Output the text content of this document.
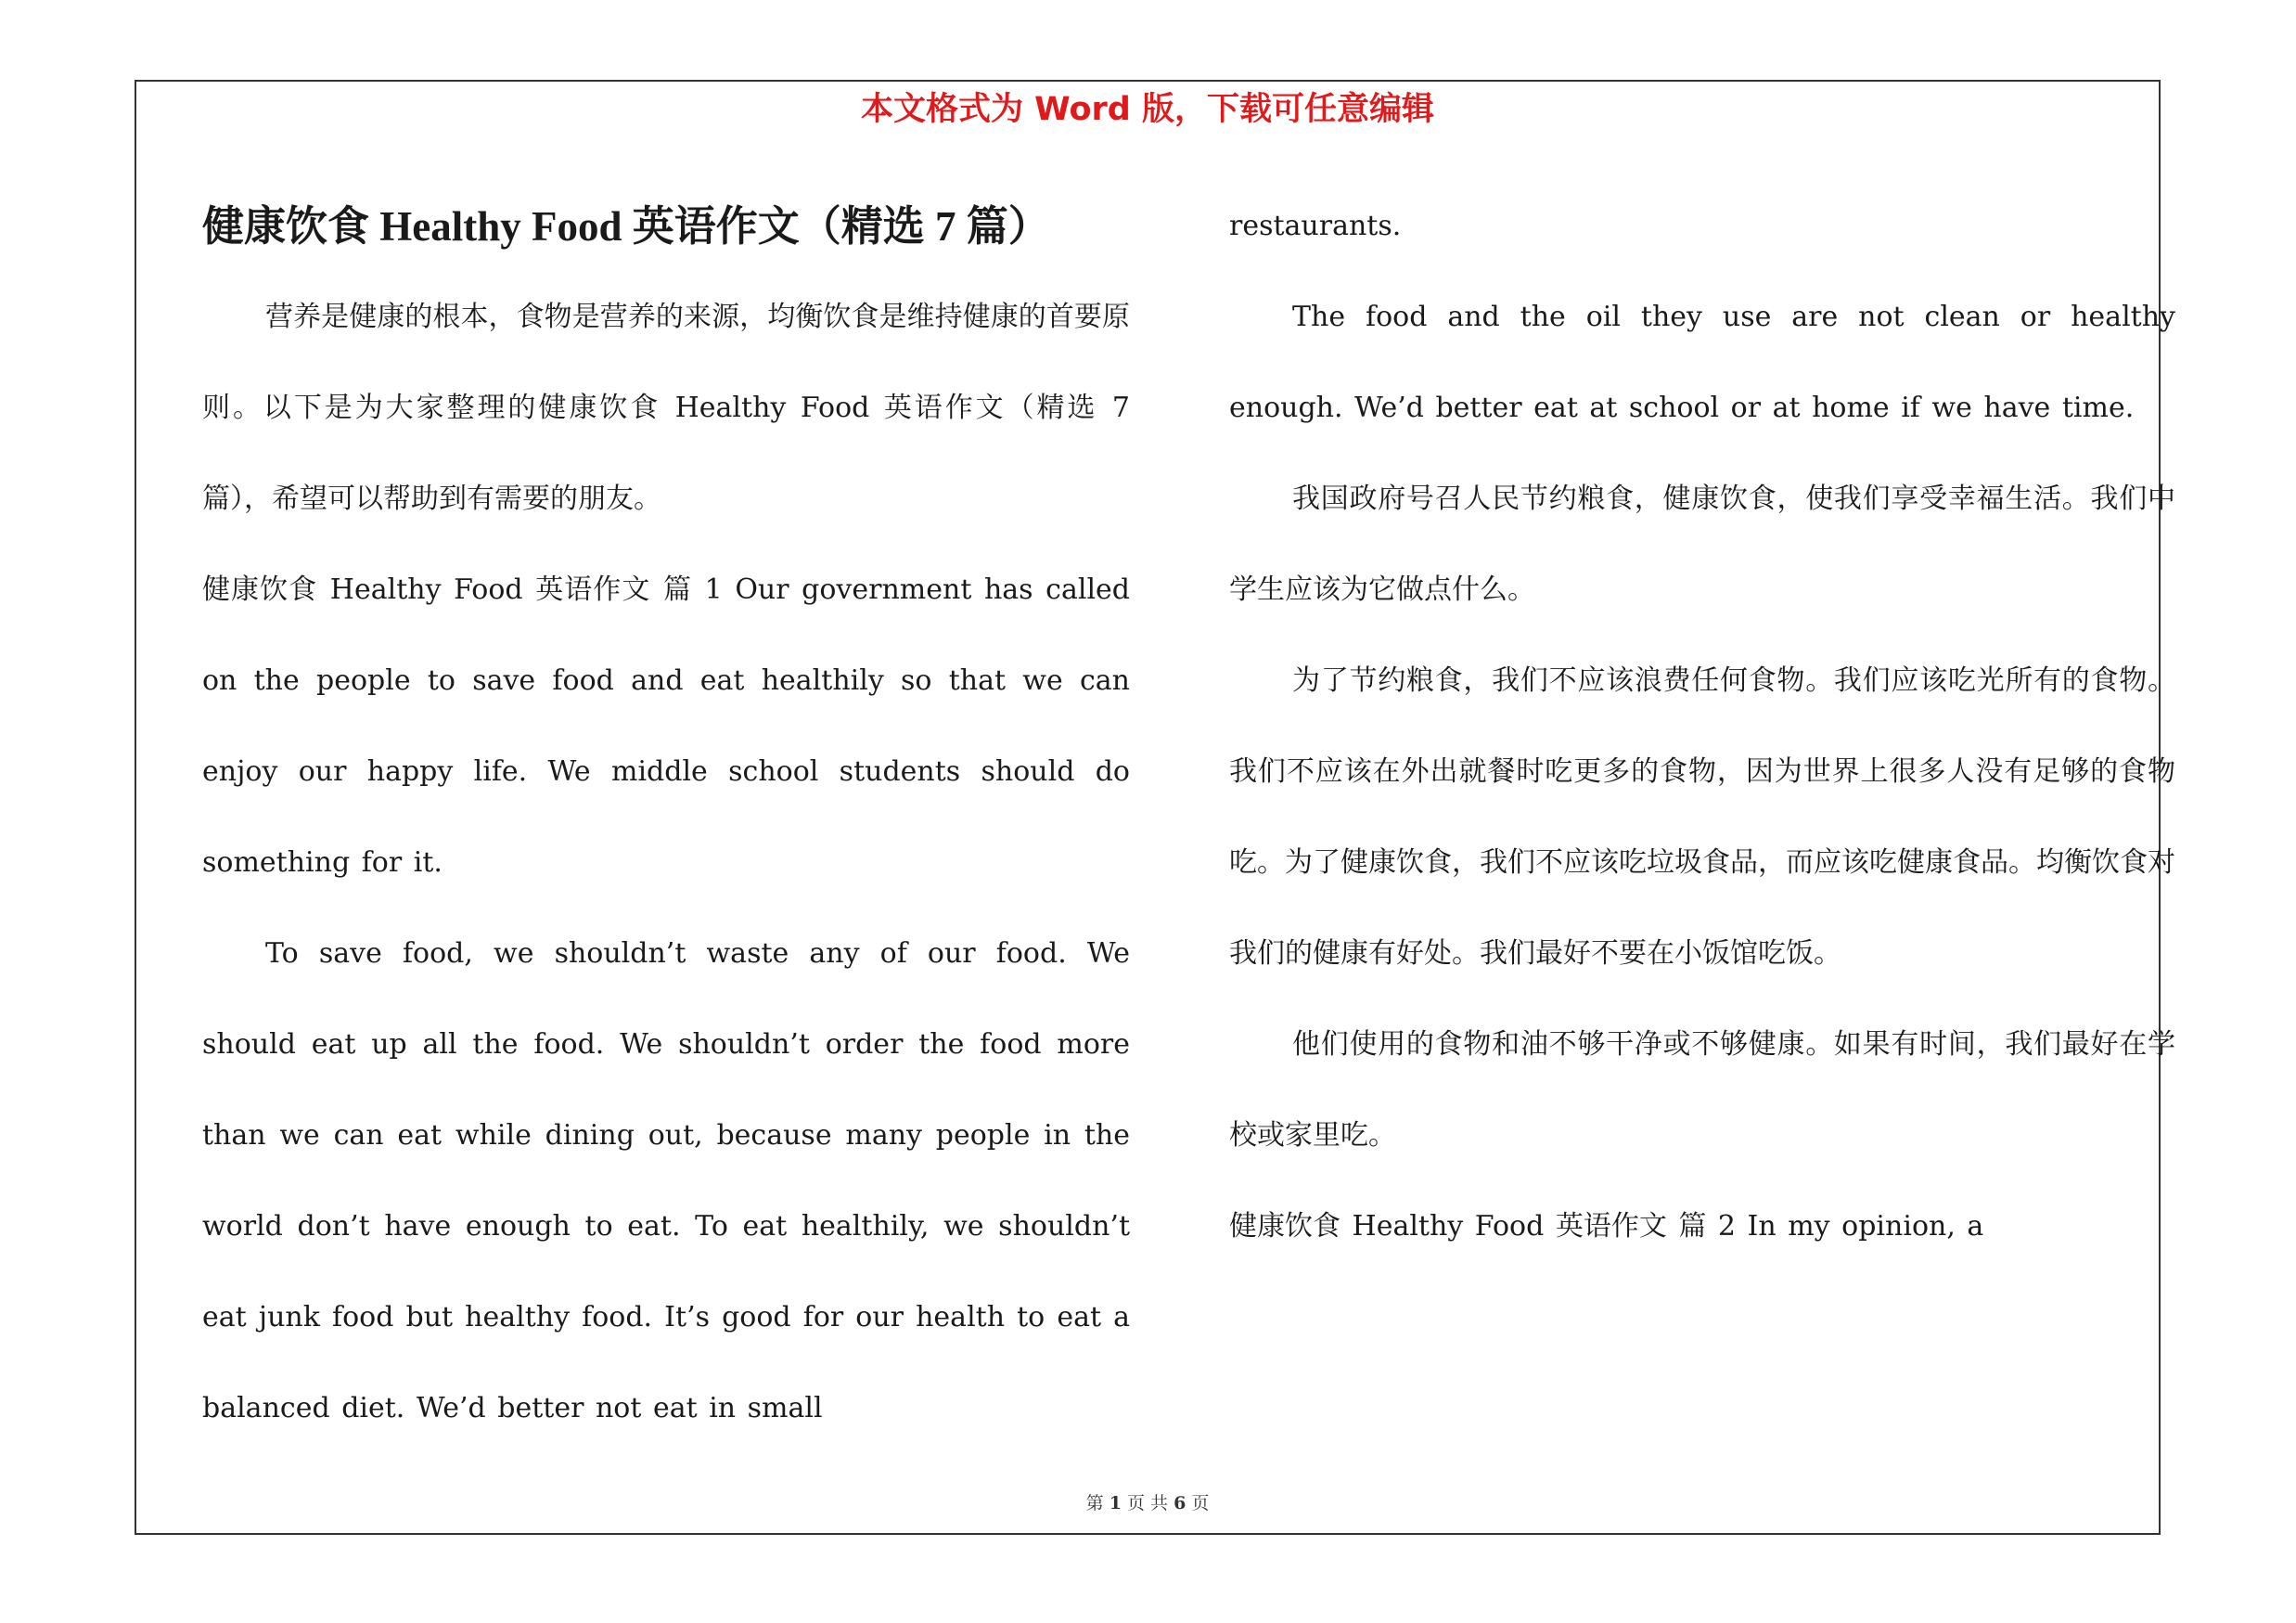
本文格式为 Word 版，下载可任意编辑
健康饮食 Healthy Food 英语作文（精选 7 篇）

营养是健康的根本，食物是营养的来源，均衡饮食是维持健康的首要原则。以下是为大家整理的健康饮食 Healthy Food 英语作文（精选 7 篇），希望可以帮助到有需要的朋友。

健康饮食 Healthy Food 英语作文 篇 1 Our government has called on the people to save food and eat healthily so that we can enjoy our happy life. We middle school students should do something for it.

To save food, we shouldn’t waste any of our food. We should eat up all the food. We shouldn’t order the food more than we can eat while dining out, because many people in the world don’t have enough to eat. To eat healthily, we shouldn’t eat junk food but healthy food. It’s good for our health to eat a balanced diet. We’d better not eat in small

restaurants.

The food and the oil they use are not clean or healthy enough. We’d better eat at school or at home if we have time.

我国政府号召人民节约粮食，健康饮食，使我们享受幸福生活。我们中学生应该为它做点什么。

为了节约粮食，我们不应该浪费任何食物。我们应该吃光所有的食物。我们不应该在外出就餐时吃更多的食物，因为世界上很多人没有足够的食物吃。为了健康饮食，我们不应该吃垃圾食品，而应该吃健康食品。均衡饮食对我们的健康有好处。我们最好不要在小饭馆吃饭。

他们使用的食物和油不够干净或不够健康。如果有时间，我们最好在学校或家里吃。

健康饮食 Healthy Food 英语作文 篇 2 In my opinion, a

第 1 页 共 6 页
